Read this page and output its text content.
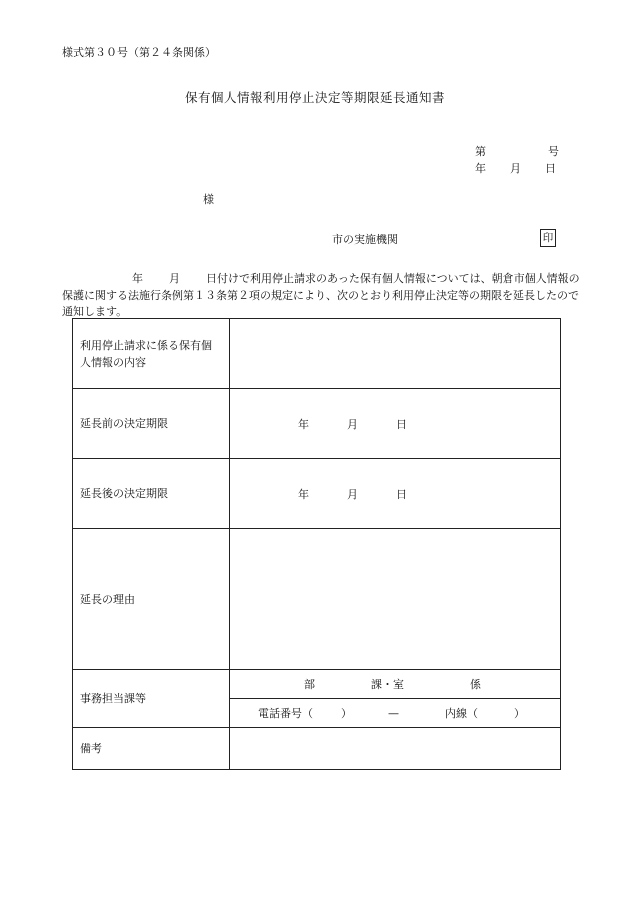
様式第３０号（第２４条関係）
保有個人情報利用停止決定等期限延長通知書
第	号
年 月 日
様
市の実施機関	印
年 月 日付けで利用停止請求のあった保有個人情報については、朝倉市個人情報の保護に関する法施行条例第１３条第２項の規定により、次のとおり利用停止決定等の期限を延長したので通知します。
利用停止請求に係る保有個人情報の内容	
延長前の決定期限	年 月 日
延長後の決定期限	年 月 日
延長の理由	
事務担当課等	部 課・室 係
	電話番号（ ） — 内線（ ）
備考	
